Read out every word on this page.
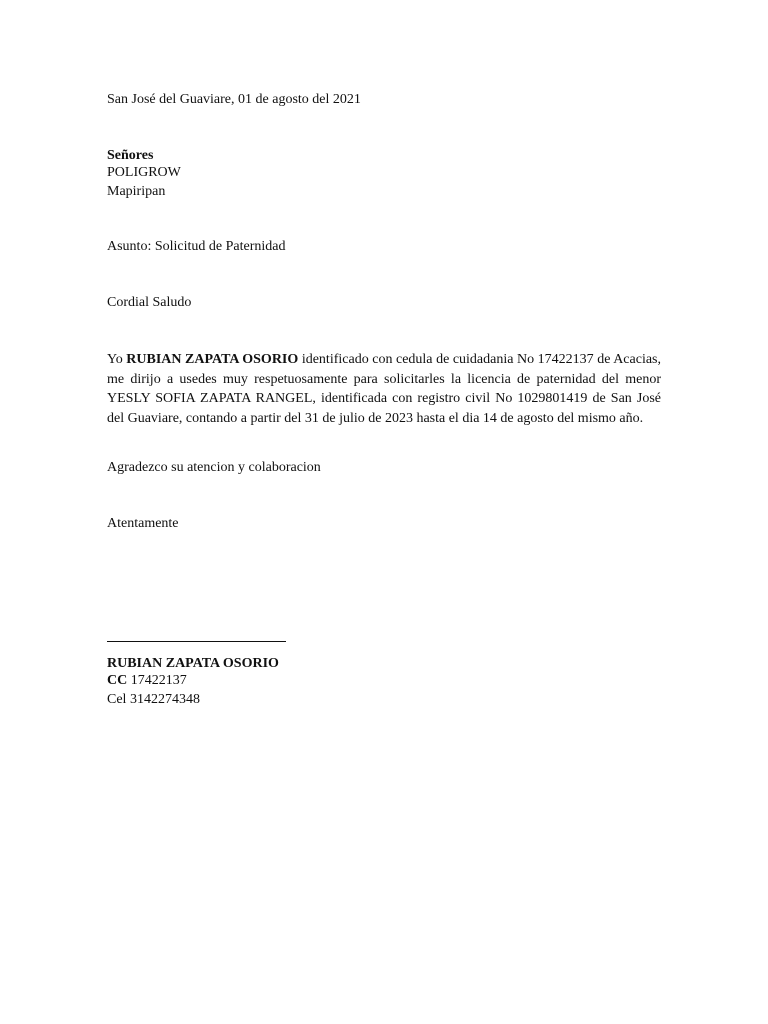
San José del Guaviare, 01 de agosto del 2021
Señores
POLIGROW
Mapiripan
Asunto: Solicitud de Paternidad
Cordial Saludo
Yo RUBIAN ZAPATA OSORIO identificado con cedula de cuidadania No 17422137 de Acacias, me dirijo a usedes muy respetuosamente para solicitarles la licencia de paternidad del menor YESLY SOFIA ZAPATA RANGEL, identificada con registro civil No 1029801419 de San José del Guaviare, contando a partir del 31 de julio de 2023 hasta el dia 14 de agosto del mismo año.
Agradezco su atencion y colaboracion
Atentamente
RUBIAN ZAPATA OSORIO
CC 17422137
Cel 3142274348
